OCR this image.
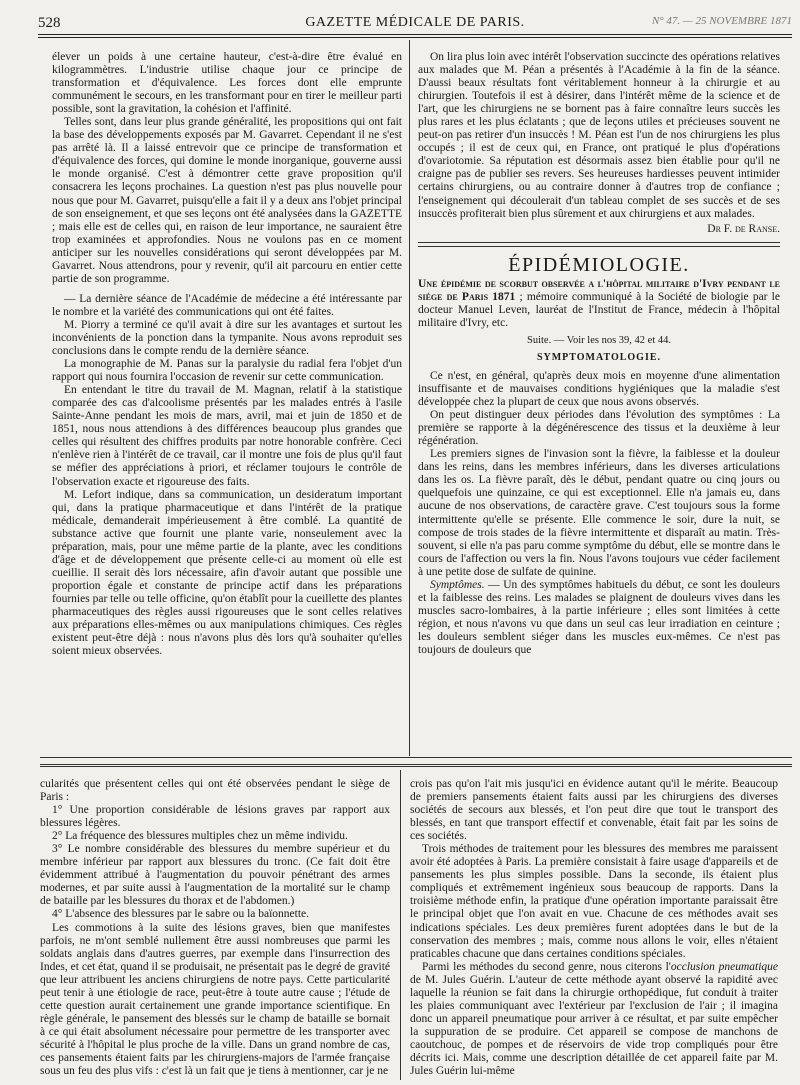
528	GAZETTE MÉDICALE DE PARIS.	N° 47. — 25 NOVEMBRE 1871

élever un poids à une certaine hauteur, c'est-à-dire être évalué en kilogrammètres. L'industrie utilise chaque jour ce principe de transformation et d'équivalence. Les forces dont elle emprunte communément le secours, en les transformant pour en tirer le meilleur parti possible, sont la gravitation, la cohésion et l'affinité.

Telles sont, dans leur plus grande généralité, les propositions qui ont fait la base des développements exposés par M. Gavarret. Cependant il ne s'est pas arrêté là. Il a laissé entrevoir que ce principe de transformation et d'équivalence des forces, qui domine le monde inorganique, gouverne aussi le monde organisé. C'est à démontrer cette grave proposition qu'il consacrera les leçons prochaines. La question n'est pas plus nouvelle pour nous que pour M. Gavarret, puisqu'elle a fait il y a deux ans l'objet principal de son enseignement, et que ses leçons ont été analysées dans la GAZETTE ; mais elle est de celles qui, en raison de leur importance, ne sauraient être trop examinées et approfondies. Nous ne voulons pas en ce moment anticiper sur les nouvelles considérations qui seront développées par M. Gavarret. Nous attendrons, pour y revenir, qu'il ait parcouru en entier cette partie de son programme.

— La dernière séance de l'Académie de médecine a été intéressante par le nombre et la variété des communications qui ont été faites.

M. Piorry a terminé ce qu'il avait à dire sur les avantages et surtout les inconvénients de la ponction dans la tympanite. Nous avons reproduit ses conclusions dans le compte rendu de la dernière séance.

La monographie de M. Panas sur la paralysie du radial fera l'objet d'un rapport qui nous fournira l'occasion de revenir sur cette communication.

En entendant le titre du travail de M. Magnan, relatif à la statistique comparée des cas d'alcoolisme présentés par les malades entrés à l'asile Sainte-Anne pendant les mois de mars, avril, mai et juin de 1850 et de 1851, nous nous attendions à des différences beaucoup plus grandes que celles qui résultent des chiffres produits par notre honorable confrère. Ceci n'enlève rien à l'intérêt de ce travail, car il montre une fois de plus qu'il faut se méfier des appréciations à priori, et réclamer toujours le contrôle de l'observation exacte et rigoureuse des faits.

M. Lefort indique, dans sa communication, un desideratum important qui, dans la pratique pharmaceutique et dans l'intérêt de la pratique médicale, demanderait impérieusement à être comblé. La quantité de substance active que fournit une plante varie, nonseulement avec la préparation, mais, pour une même partie de la plante, avec les conditions d'âge et de développement que présente celle-ci au moment où elle est cueillie. Il serait dès lors nécessaire, afin d'avoir autant que possible une proportion égale et constante de principe actif dans les préparations fournies par telle ou telle officine, qu'on établît pour la cueillette des plantes pharmaceutiques des règles aussi rigoureuses que le sont celles relatives aux préparations elles-mêmes ou aux manipulations chimiques. Ces règles existent peut-être déjà : nous n'avons plus dès lors qu'à souhaiter qu'elles soient mieux observées.

On lira plus loin avec intérêt l'observation succincte des opérations relatives aux malades que M. Péan a présentés à l'Académie à la fin de la séance. D'aussi beaux résultats font véritablement honneur à la chirurgie et au chirurgien. Toutefois il est à désirer, dans l'intérêt même de la science et de l'art, que les chirurgiens ne se bornent pas à faire connaître leurs succès les plus rares et les plus éclatants ; que de leçons utiles et précieuses souvent ne peut-on pas retirer d'un insuccès ! M. Péan est l'un de nos chirurgiens les plus occupés ; il est de ceux qui, en France, ont pratiqué le plus d'opérations d'ovariotomie. Sa réputation est désormais assez bien établie pour qu'il ne craigne pas de publier ses revers. Ses heureuses hardiesses peuvent intimider certains chirurgiens, ou au contraire donner à d'autres trop de confiance ; l'enseignement qui découlerait d'un tableau complet de ses succès et de ses insuccès profiterait bien plus sûrement et aux chirurgiens et aux malades.

Dr F. de Ranse.
ÉPIDÉMIOLOGIE.

Une épidémie de scorbut observée a l'hôpital militaire d'Ivry pendant le siége de Paris 1871 ; mémoire communiqué à la Société de biologie par le docteur Manuel Leven, lauréat de l'Institut de France, médecin à l'hôpital militaire d'Ivry, etc.

Suite. — Voir les nos 39, 42 et 44.
SYMPTOMATOLOGIE.

Ce n'est, en général, qu'après deux mois en moyenne d'une alimentation insuffisante et de mauvaises conditions hygiéniques que la maladie s'est développée chez la plupart de ceux que nous avons observés.

On peut distinguer deux périodes dans l'évolution des symptômes : La première se rapporte à la dégénérescence des tissus et la deuxième à leur régénération.

Les premiers signes de l'invasion sont la fièvre, la faiblesse et la douleur dans les reins, dans les membres inférieurs, dans les diverses articulations dans les os. La fièvre paraît, dès le début, pendant quatre ou cinq jours ou quelquefois une quinzaine, ce qui est exceptionnel. Elle n'a jamais eu, dans aucune de nos observations, de caractère grave. C'est toujours sous la forme intermittente qu'elle se présente. Elle commence le soir, dure la nuit, se compose de trois stades de la fièvre intermittente et disparaît au matin. Très-souvent, si elle n'a pas paru comme symptôme du début, elle se montre dans le cours de l'affection ou vers la fin. Nous l'avons toujours vue céder facilement à une petite dose de sulfate de quinine.

Symptômes. — Un des symptômes habituels du début, ce sont les douleurs et la faiblesse des reins. Les malades se plaignent de douleurs vives dans les muscles sacro-lombaires, à la partie inférieure ; elles sont limitées à cette région, et nous n'avons vu que dans un seul cas leur irradiation en ceinture ; les douleurs semblent siéger dans les muscles eux-mêmes. Ce n'est pas toujours de douleurs que

cularités que présentent celles qui ont été observées pendant le siège de Paris :

1° Une proportion considérable de lésions graves par rapport aux blessures légères.

2° La fréquence des blessures multiples chez un même individu.

3° Le nombre considérable des blessures du membre supérieur et du membre inférieur par rapport aux blessures du tronc. (Ce fait doit être évidemment attribué à l'augmentation du pouvoir pénétrant des armes modernes, et par suite aussi à l'augmentation de la mortalité sur le champ de bataille par les blessures du thorax et de l'abdomen.)

4° L'absence des blessures par le sabre ou la baïonnette.

Les commotions à la suite des lésions graves, bien que manifestes parfois, ne m'ont semblé nullement être aussi nombreuses que parmi les soldats anglais dans d'autres guerres, par exemple dans l'insurrection des Indes, et cet état, quand il se produisait, ne présentait pas le degré de gravité que leur attribuent les anciens chirurgiens de notre pays. Cette particularité peut tenir à une étiologie de race, peut-être à toute autre cause ; l'étude de cette question aurait certainement une grande importance scientifique. En règle générale, le pansement des blessés sur le champ de bataille se bornait à ce qui était absolument nécessaire pour permettre de les transporter avec sécurité à l'hôpital le plus proche de la ville. Dans un grand nombre de cas, ces pansements étaient faits par les chirurgiens-majors de l'armée française sous un feu des plus vifs : c'est là un fait que je tiens à mentionner, car je ne

crois pas qu'on l'ait mis jusqu'ici en évidence autant qu'il le mérite. Beaucoup de premiers pansements étaient faits aussi par les chirurgiens des diverses sociétés de secours aux blessés, et l'on peut dire que tout le transport des blessés, en tant que transport effectif et convenable, était fait par les soins de ces sociétés.

Trois méthodes de traitement pour les blessures des membres me paraissent avoir été adoptées à Paris. La première consistait à faire usage d'appareils et de pansements les plus simples possible. Dans la seconde, ils étaient plus compliqués et extrêmement ingénieux sous beaucoup de rapports. Dans la troisième méthode enfin, la pratique d'une opération importante paraissait être le principal objet que l'on avait en vue. Chacune de ces méthodes avait ses indications spéciales. Les deux premières furent adoptées dans le but de la conservation des membres ; mais, comme nous allons le voir, elles n'étaient praticables chacune que dans certaines conditions spéciales.

Parmi les méthodes du second genre, nous citerons l'occlusion pneumatique de M. Jules Guérin. L'auteur de cette méthode ayant observé la rapidité avec laquelle la réunion se fait dans la chirurgie orthopédique, fut conduit à traiter les plaies communiquant avec l'extérieur par l'exclusion de l'air ; il imagina donc un appareil pneumatique pour arriver à ce résultat, et par suite empêcher la suppuration de se produire. Cet appareil se compose de manchons de caoutchouc, de pompes et de réservoirs de vide trop compliqués pour être décrits ici. Mais, comme une description détaillée de cet appareil faite par M. Jules Guérin lui-même
